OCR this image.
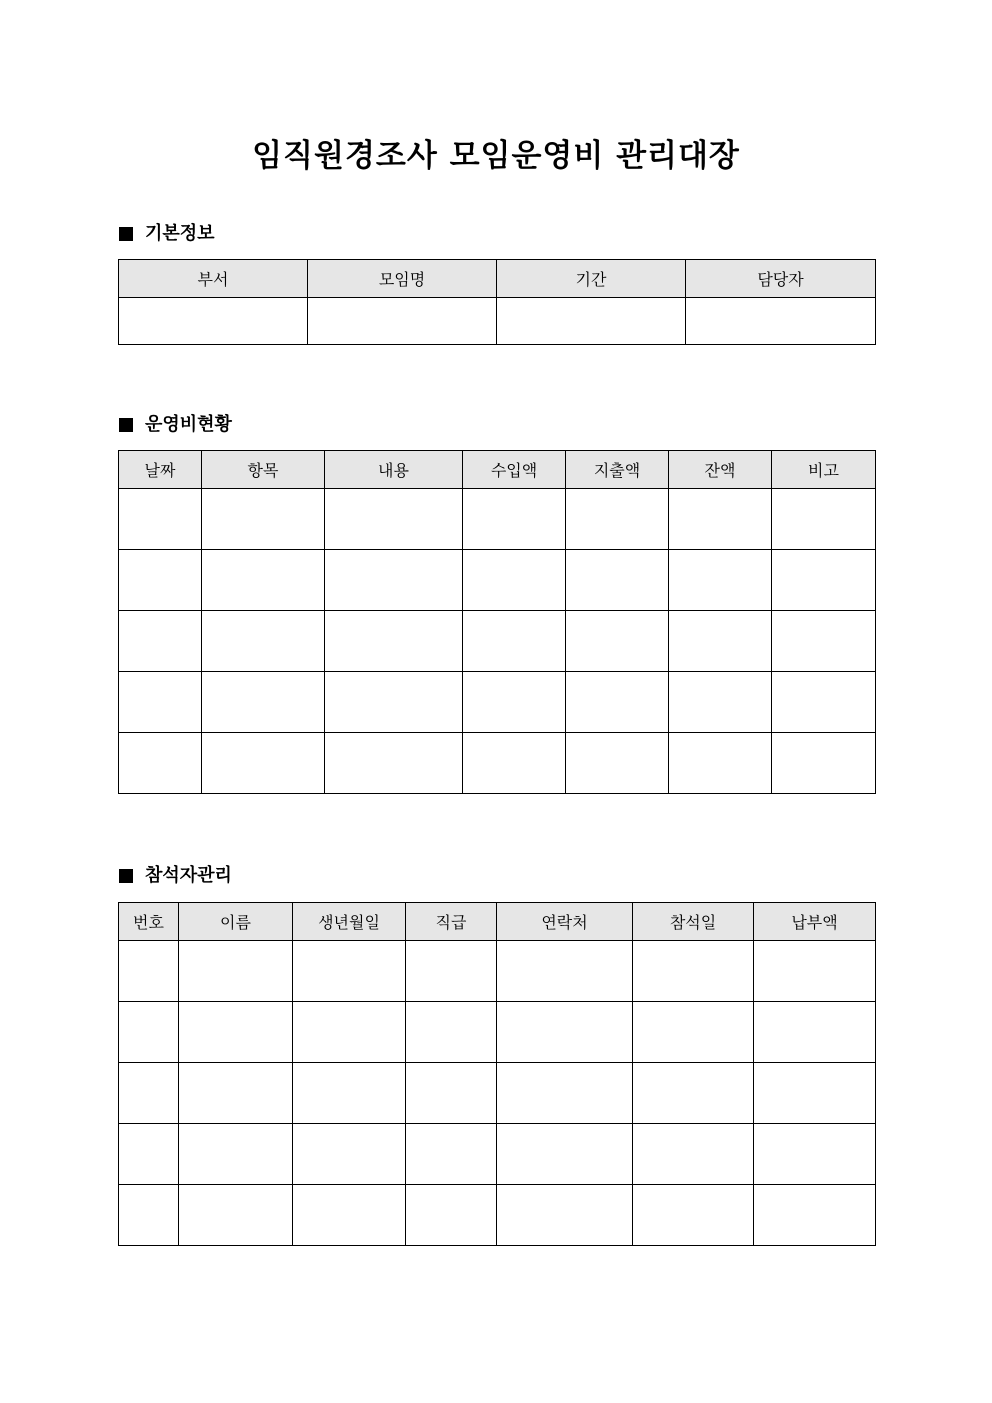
임직원경조사 모임운영비 관리대장
기본정보
부서	모임명	기간	담당자

운영비현황
날짜	항목	내용	수입액	지출액	잔액	비고

참석자관리
번호	이름	생년월일	직급	연락처	참석일	납부액
